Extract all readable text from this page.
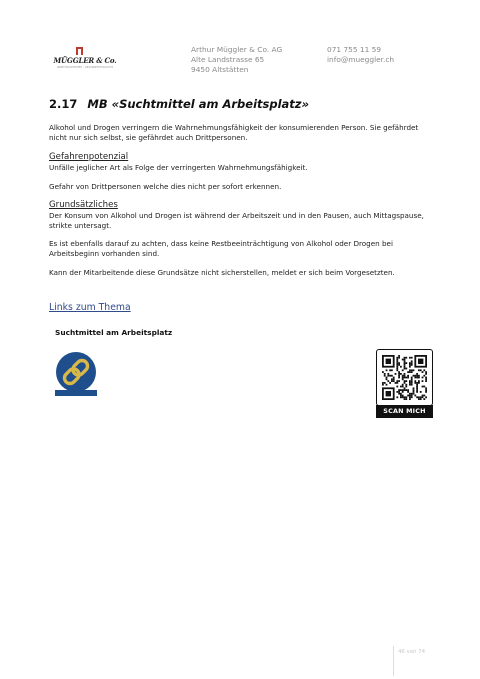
MÜGGLER & Co.
ARBEITSSICHERHEIT · GESUNDHEITSSCHUTZ
Arthur Müggler & Co. AG
Alte Landstrasse 65
9450 Altstätten
071 755 11 59
info@mueggler.ch
2.17 MB «Suchtmittel am Arbeitsplatz»
Alkohol und Drogen verringern die Wahrnehmungsfähigkeit der konsumierenden Person. Sie gefährdet nicht nur sich selbst, sie gefährdet auch Drittpersonen.
Gefahrenpotenzial
Unfälle jeglicher Art als Folge der verringerten Wahrnehmungsfähigkeit.
Gefahr von Drittpersonen welche dies nicht per sofort erkennen.
Grundsätzliches
Der Konsum von Alkohol und Drogen ist während der Arbeitszeit und in den Pausen, auch Mittagspause, strikte untersagt.
Es ist ebenfalls darauf zu achten, dass keine Restbeeinträchtigung von Alkohol oder Drogen bei Arbeitsbeginn vorhanden sind.
Kann der Mitarbeitende diese Grundsätze nicht sicherstellen, meldet er sich beim Vorgesetzten.
Links zum Thema
Suchtmittel am Arbeitsplatz
SCAN MICH
46 von 74
